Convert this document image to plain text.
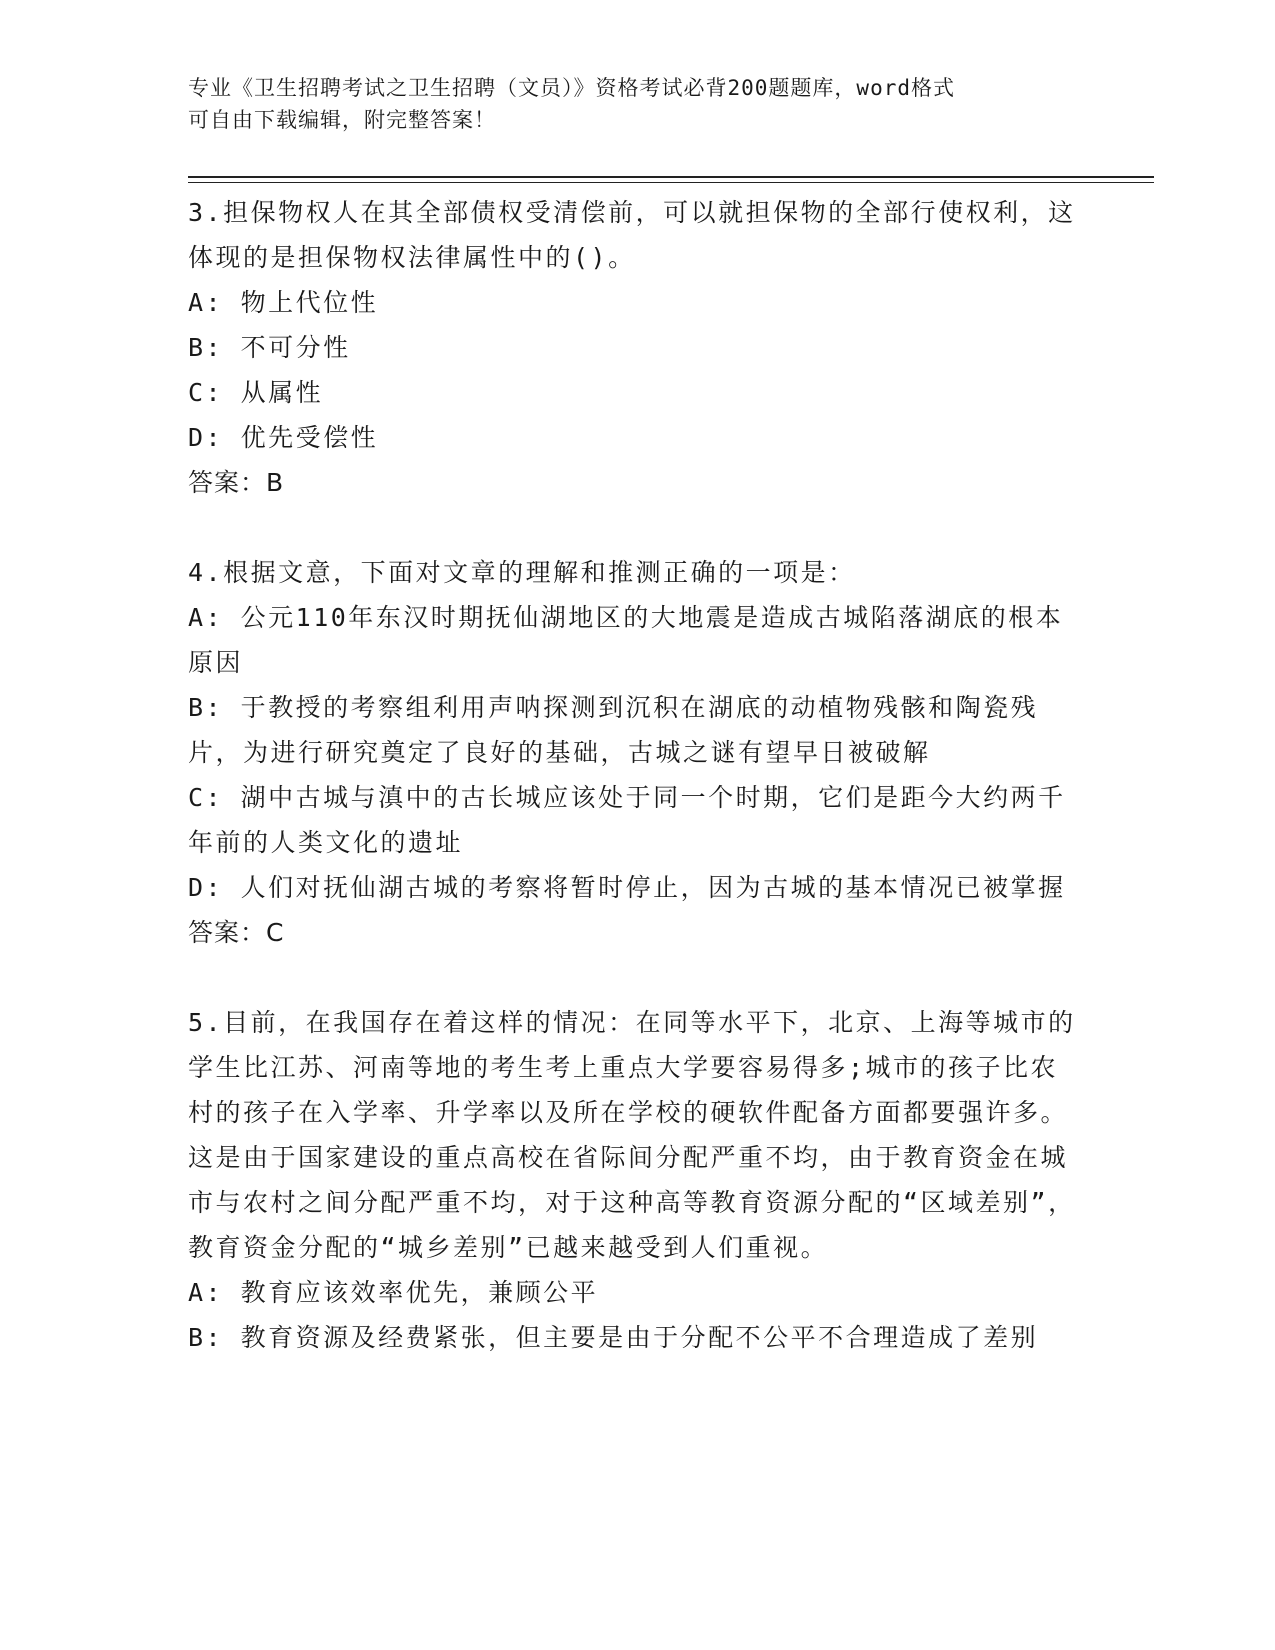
专业《卫生招聘考试之卫生招聘（文员）》资格考试必背200题题库，word格式
可自由下载编辑，附完整答案！

3.担保物权人在其全部债权受清偿前，可以就担保物的全部行使权利，这体现的是担保物权法律属性中的()。

A: 物上代位性

B: 不可分性

C: 从属性

D: 优先受偿性

答案：B

4.根据文意，下面对文章的理解和推测正确的一项是：

A: 公元110年东汉时期抚仙湖地区的大地震是造成古城陷落湖底的根本原因

B: 于教授的考察组利用声呐探测到沉积在湖底的动植物残骸和陶瓷残片，为进行研究奠定了良好的基础，古城之谜有望早日被破解

C: 湖中古城与滇中的古长城应该处于同一个时期，它们是距今大约两千年前的人类文化的遗址

D: 人们对抚仙湖古城的考察将暂时停止，因为古城的基本情况已被掌握

答案：C

5.目前，在我国存在着这样的情况：在同等水平下，北京、上海等城市的学生比江苏、河南等地的考生考上重点大学要容易得多;城市的孩子比农村的孩子在入学率、升学率以及所在学校的硬软件配备方面都要强许多。这是由于国家建设的重点高校在省际间分配严重不均，由于教育资金在城市与农村之间分配严重不均，对于这种高等教育资源分配的“区域差别”，教育资金分配的“城乡差别”已越来越受到人们重视。

A: 教育应该效率优先，兼顾公平

B: 教育资源及经费紧张，但主要是由于分配不公平不合理造成了差别
